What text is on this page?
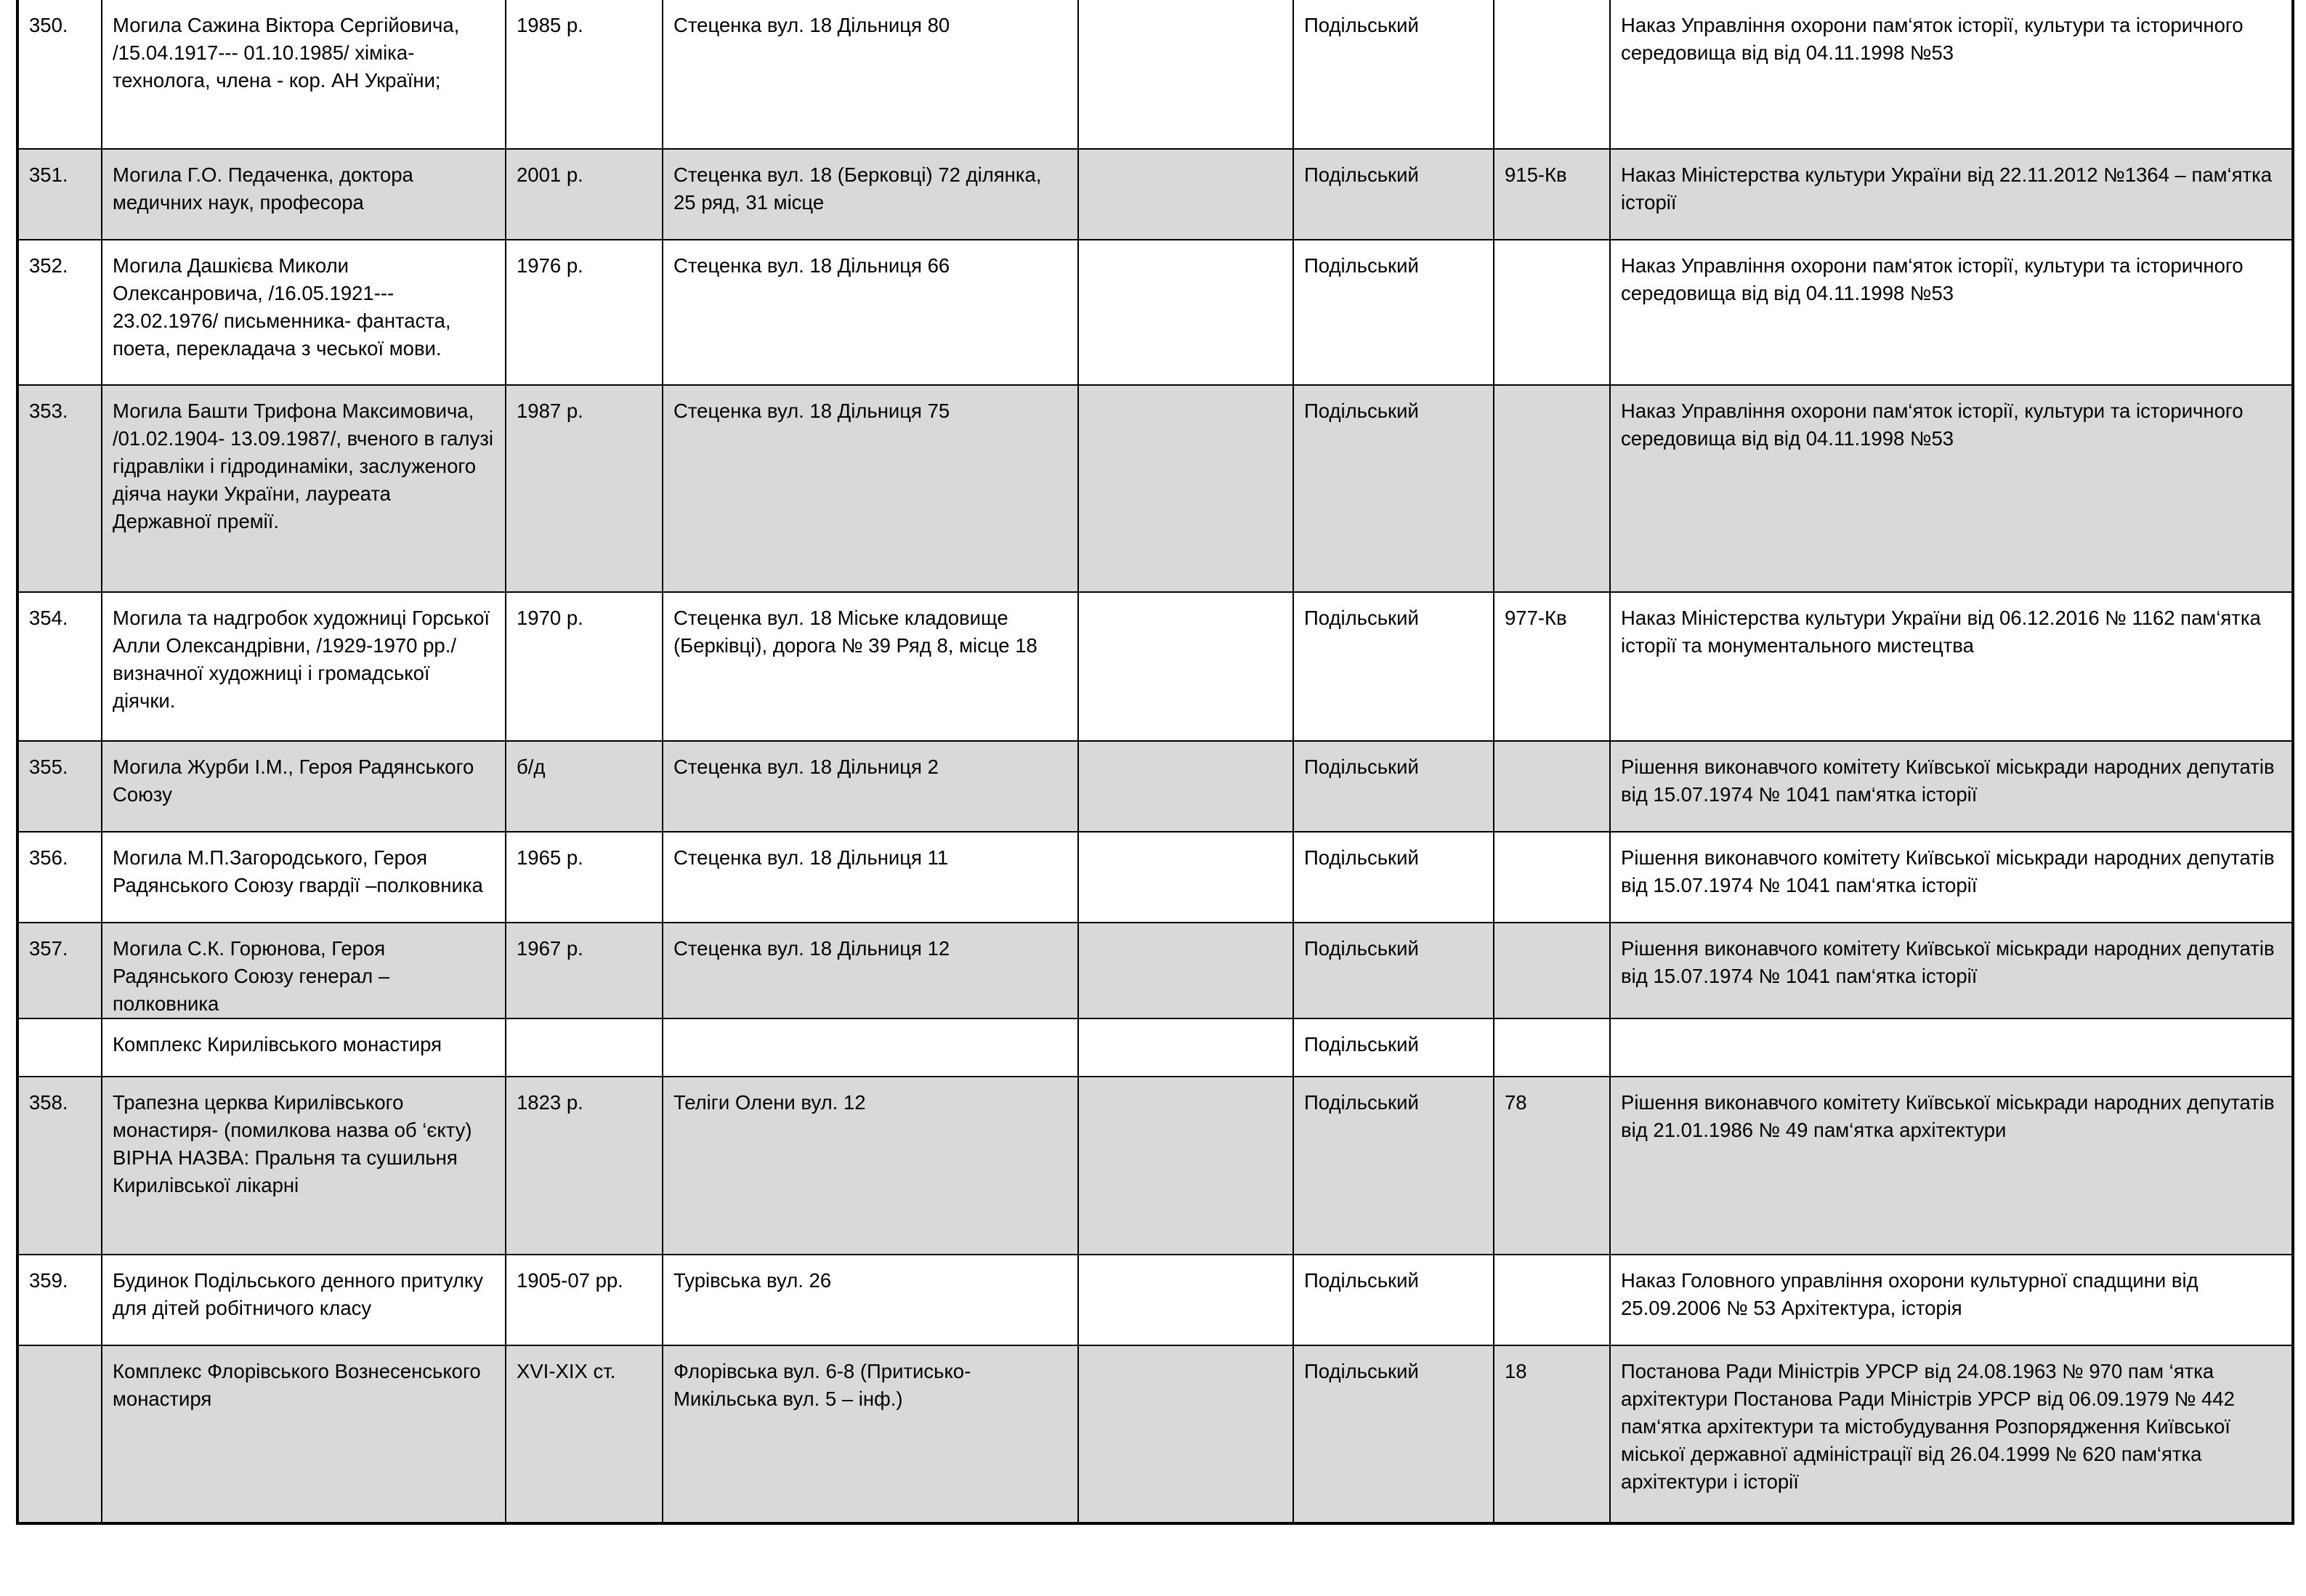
350.	Могила Сажина Віктора Сергійовича, /15.04.1917--- 01.10.1985/ хіміка-технолога, члена - кор. АН України;	1985 р.	Стеценка вул. 18 Дільниця 80		Подільський		Наказ Управління охорони пам‘яток історії, культури та історичного середовища від від 04.11.1998 №53
351.	Могила Г.О. Педаченка, доктора медичних наук, професора	2001 р.	Стеценка вул. 18 (Берковці) 72 ділянка, 25 ряд, 31 місце		Подільський	915-Кв	Наказ Міністерства культури України від 22.11.2012 №1364 – пам‘ятка історії
352.	Могила Дашкієва Миколи Олексанровича, /16.05.1921--- 23.02.1976/ письменника- фантаста, поета, перекладача з чеської мови.	1976 р.	Стеценка вул. 18 Дільниця 66		Подільський		Наказ Управління охорони пам‘яток історії, культури та історичного середовища від від 04.11.1998 №53
353.	Могила Башти Трифона Максимовича, /01.02.1904- 13.09.1987/, вченого в галузі гідравліки і гідродинаміки, заслуженого діяча науки України, лауреата Державної премії.	1987 р.	Стеценка вул. 18 Дільниця 75		Подільський		Наказ Управління охорони пам‘яток історії, культури та історичного середовища від від 04.11.1998 №53
354.	Могила та надгробок художниці Горської Алли Олександрівни, /1929-1970 рр./ визначної художниці і громадської діячки.	1970 р.	Стеценка вул. 18 Міське кладовище (Берківці), дорога № 39 Ряд 8, місце 18		Подільський	977-Кв	Наказ Міністерства культури України від 06.12.2016 № 1162 пам‘ятка історії та монументального мистецтва
355.	Могила Журби І.М., Героя Радянського Союзу	б/д	Стеценка вул. 18 Дільниця 2		Подільський		Рішення виконавчого комітету Київської міськради народних депутатів від 15.07.1974 № 1041 пам‘ятка історії
356.	Могила М.П.Загородського, Героя Радянського Союзу гвардії –полковника	1965 р.	Стеценка вул. 18 Дільниця 11		Подільський		Рішення виконавчого комітету Київської міськради народних депутатів від 15.07.1974 № 1041 пам‘ятка історії
357.	Могила С.К. Горюнова, Героя Радянського Союзу генерал –полковника	1967 р.	Стеценка вул. 18 Дільниця 12		Подільський		Рішення виконавчого комітету Київської міськради народних депутатів від 15.07.1974 № 1041 пам‘ятка історії
	Комплекс Кирилівського монастиря				Подільський		
358.	Трапезна церква Кирилівського монастиря- (помилкова назва об ‘єкту) ВІРНА НАЗВА: Пральня та сушильня Кирилівської лікарні	1823 р.	Теліги Олени вул. 12		Подільський	78	Рішення виконавчого комітету Київської міськради народних депутатів від 21.01.1986 № 49 пам‘ятка архітектури
359.	Будинок Подільського денного притулку для дітей робітничого класу	1905-07 рр.	Турівська вул. 26		Подільський		Наказ Головного управління охорони культурної спадщини від 25.09.2006 № 53 Архітектура, історія
	Комплекс Флорівського Вознесенського монастиря	XVI-XIX ст.	Флорівська вул. 6-8 (Притисько-Микільська вул. 5 – інф.)		Подільський	18	Постанова Ради Міністрів УРСР від 24.08.1963 № 970 пам ‘ятка архітектури Постанова Ради Міністрів УРСР від 06.09.1979 № 442 пам‘ятка архітектури та містобудування Розпорядження Київської міської державної адміністрації від 26.04.1999 № 620 пам‘ятка архітектури і історії
